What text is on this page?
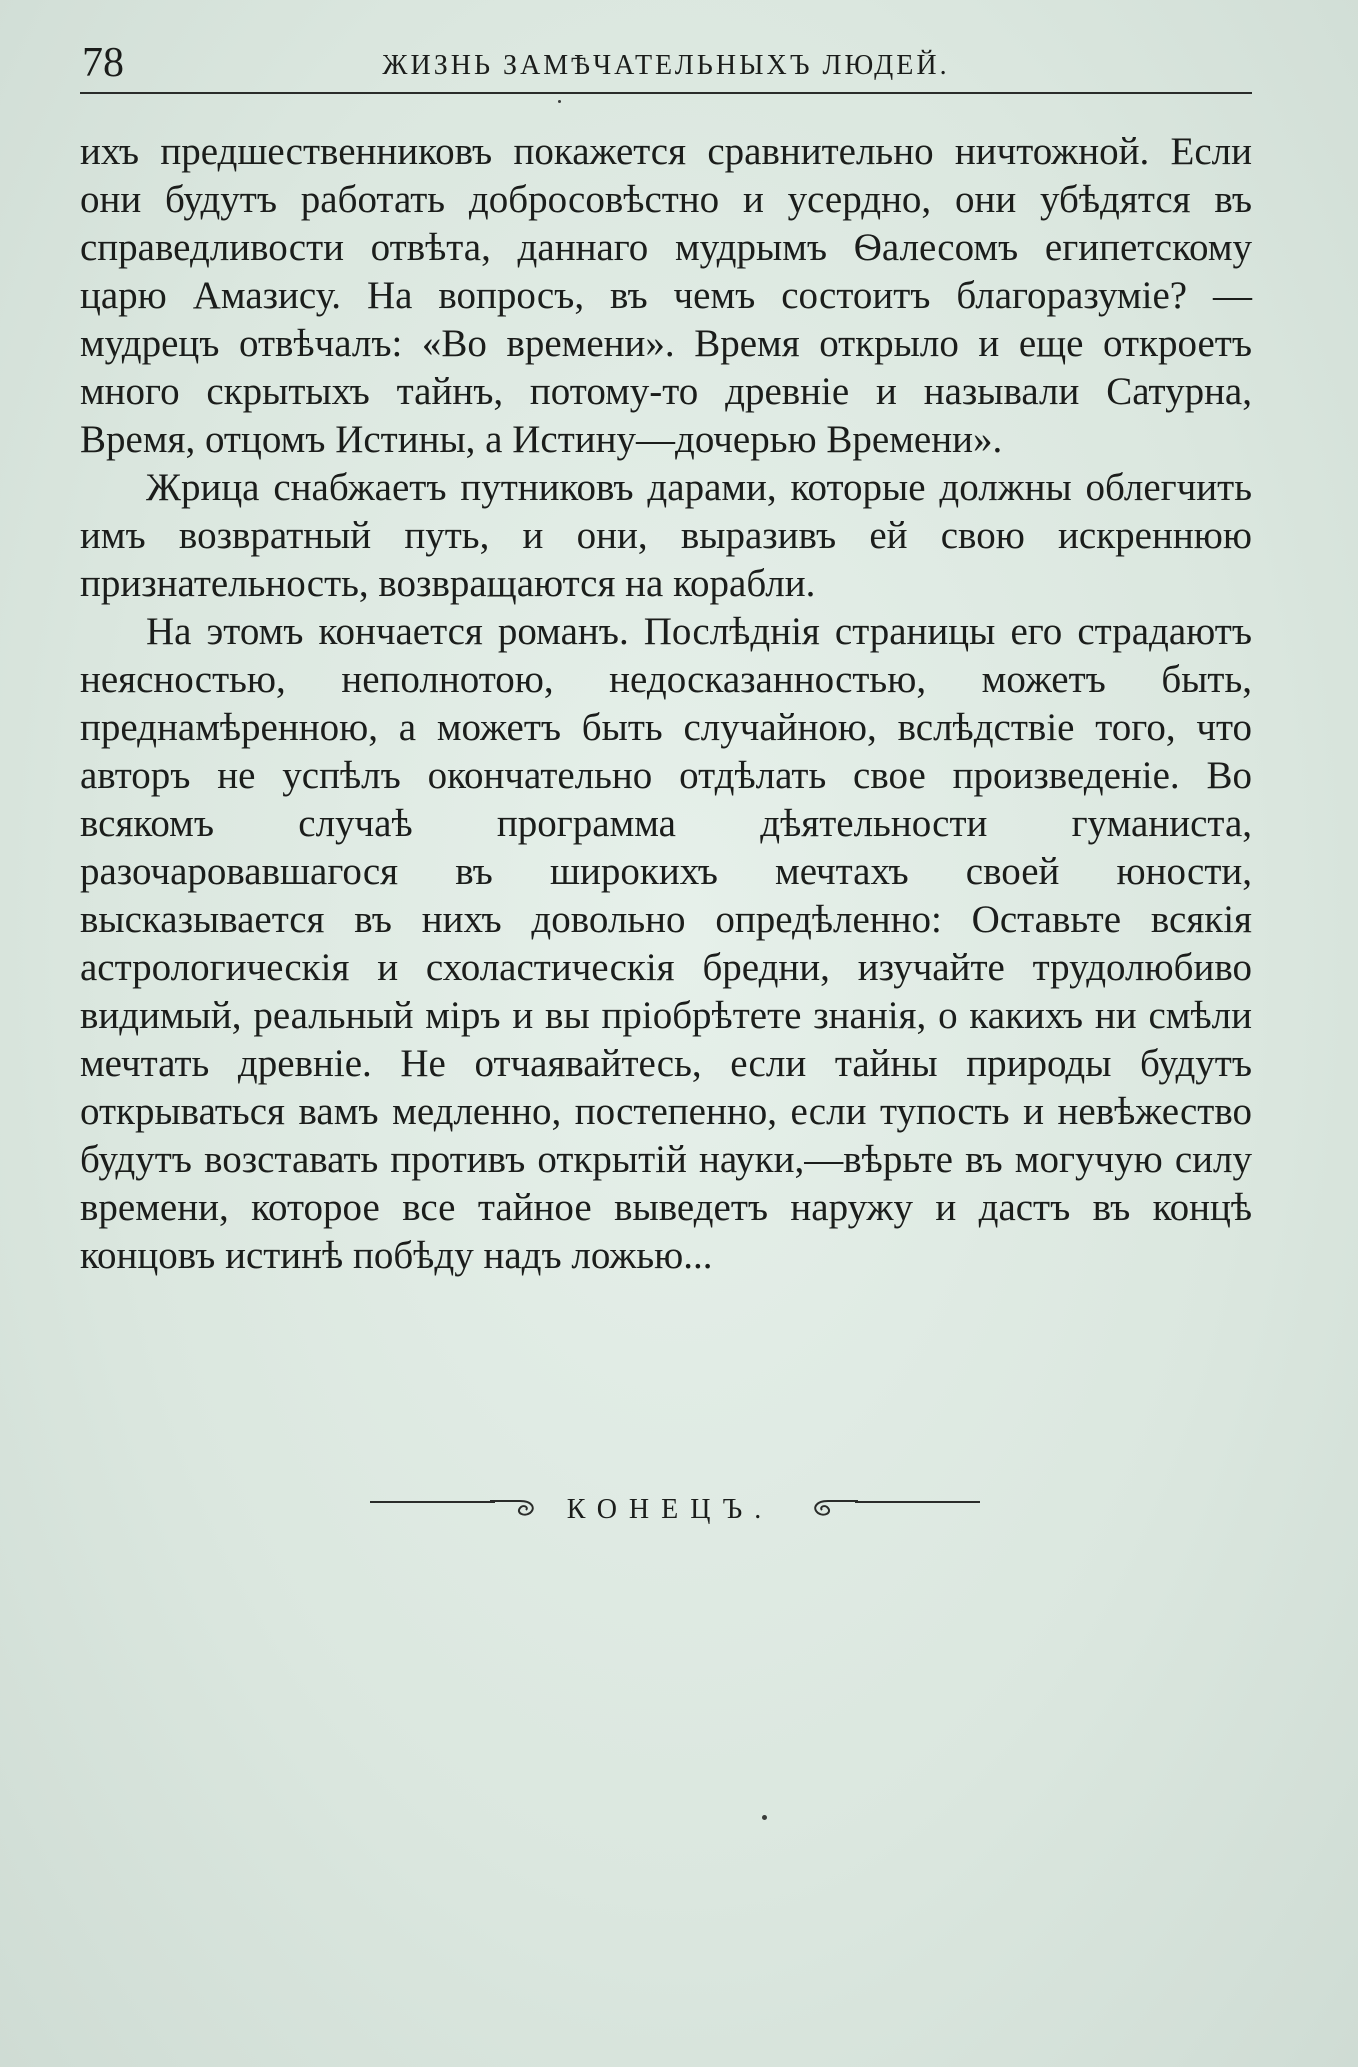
78	ЖИЗНЬ ЗАМѢЧАТЕЛЬНЫХЪ ЛЮДЕЙ.

ихъ предшественниковъ покажется сравнительно ничтожной. Если они будутъ работать добросовѣстно и усердно, они убѣдятся въ справедливости отвѣта, даннаго мудрымъ Ѳалесомъ египетскому царю Амазису. На вопросъ, въ чемъ состоитъ благоразуміе? — мудрецъ отвѣчалъ: «Во времени». Время открыло и еще откроетъ много скрытыхъ тайнъ, потому-то древніе и называли Сатурна, Время, отцомъ Истины, а Истину—дочерью Времени».

Жрица снабжаетъ путниковъ дарами, которые должны облегчить имъ возвратный путь, и они, выразивъ ей свою искреннюю признательность, возвращаются на корабли.

На этомъ кончается романъ. Послѣднія страницы его страдаютъ неясностью, неполнотою, недосказанностью, можетъ быть, преднамѣренною, а можетъ быть случайною, вслѣдствіе того, что авторъ не успѣлъ окончательно отдѣлать свое произведеніе. Во всякомъ случаѣ программа дѣятельности гуманиста, разочаровавшагося въ широкихъ мечтахъ своей юности, высказывается въ нихъ довольно опредѣленно: Оставьте всякія астрологическія и схоластическія бредни, изучайте трудолюбиво видимый, реальный міръ и вы пріобрѣтете знанія, о какихъ ни смѣли мечтать древніе. Не отчаявайтесь, если тайны природы будутъ открываться вамъ медленно, постепенно, если тупость и невѣжество будутъ возставать противъ открытій науки,—вѣрьте въ могучую силу времени, которое все тайное выведетъ наружу и дастъ въ концѣ концовъ истинѣ побѣду надъ ложью...

КОНЕЦЪ.
